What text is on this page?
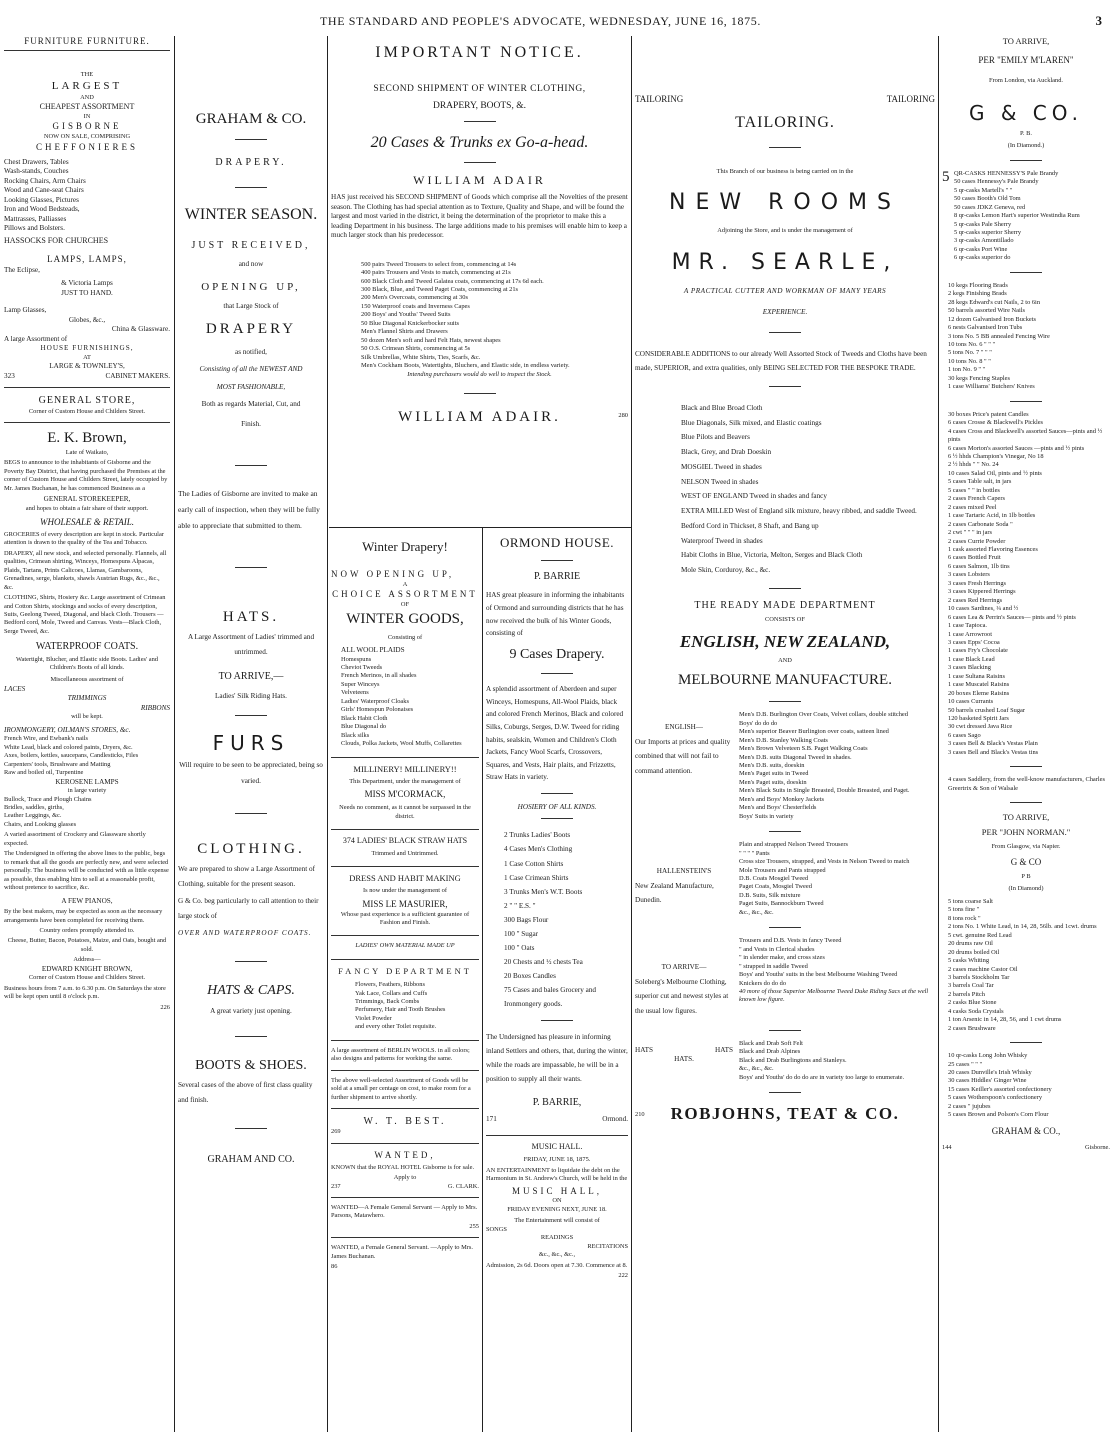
THE STANDARD AND PEOPLE'S ADVOCATE, WEDNESDAY, JUNE 16, 1875.	3
FURNITURE FURNITURE.
THE
LARGEST
AND
CHEAPEST ASSORTMENT
IN
GISBORNE
NOW ON SALE, COMPRISING
CHEFFONIERES
Chest Drawers, Tables
Wash-stands, Couches
Rocking Chairs, Arm Chairs
Wood and Cane-seat Chairs
Looking Glasses, Pictures
Iron and Wood Bedsteads,
Mattrasses, Palliasses
Pillows and Bolsters.
HASSOCKS FOR CHURCHES
LAMPS, LAMPS,
The Eclipse,
& Victoria Lamps
JUST TO HAND.
Lamp Glasses,
Globes, &c.,
China & Glassware.
A large Assortment of
HOUSE FURNISHINGS,
AT
LARGE & TOWNLEY'S,
323	CABINET MAKERS.
GENERAL STORE,
Corner of Custom House and Childers Street.
E. K. Brown,
Late of Waikato,

BEGS to announce to the inhabitants of Gisborne and the Poverty Bay District, that having purchased the Premises at the corner of Custom House and Childers Street, lately occupied by Mr. James Buchanan, he has commenced Business as a

GENERAL STOREKEEPER,
and hopes to obtain a fair share of their support.
WHOLESALE & RETAIL.

GROCERIES of every description are kept in stock. Particular attention is drawn to the quality of the Tea and Tobacco.

DRAPERY, all new stock, and selected personally. Flannels, all qualities, Crimean shirting, Winceys, Homespuns Alpacas, Plaids, Tartans, Prints Calicoes, Llamas, Gambaroons, Grenadines, serge, blankets, shawls Austrian Rugs, &c., &c., &c.

CLOTHING, Shirts, Hosiery &c. Large assortment of Crimean and Cotton Shirts, stockings and socks of every description, Suits, Geelong Tweed, Diagonal, and black Cloth. Trousers —Bedford cord, Mole, Tweed and Canvas. Vests—Black Cloth, Serge Tweed, &c.

WATERPROOF COATS.

Watertight, Blucher, and Elastic side Boots. Ladies' and Children's Boots of all kinds.

Miscellaneous assortment of
LACES
TRIMMINGS
RIBBONS
will be kept.
IRONMONGERY, OILMAN'S STORES, &c.
French Wire, and Ewbank's nails
White Lead, black and colored paints, Dryers, &c.
Axes, boilers, kettles, saucepans, Candlesticks, Files
Carpenters' tools, Brushware and Matting
Raw and boiled oil, Turpentine
KEROSENE LAMPS
in large variety
Bullock, Trace and Plough Chains
Bridles, saddles, girths,
Leather Leggings, &c.
Chairs, and Looking glasses

A varied assortment of Crockery and Glassware shortly expected.

The Undersigned in offering the above lines to the public, begs to remark that all the goods are perfectly new, and were selected personally. The business will be conducted with as little expense as possible, thus enabling him to sell at a reasonable profit, without pretence to sacrifice, &c.

A FEW PIANOS,

By the best makers, may be expected as soon as the necessary arrangements have been completed for receiving them.

Country orders promptly attended to.

Cheese, Butter, Bacon, Potatoes, Maize, and Oats, bought and sold.

Address—
EDWARD KNIGHT BROWN,
Corner of Custom House and Childers Street.

Business hours from 7 a.m. to 6.30 p.m. On Saturdays the store will be kept open until 8 o'clock p.m.

226
GRAHAM & CO.
DRAPERY.
WINTER SEASON.
JUST RECEIVED,
and now
OPENING UP,
that Large Stock of
DRAPERY
as notified,
Consisting of all the NEWEST AND
MOST FASHIONABLE,
Both as regards Material, Cut, and
Finish.

The Ladies of Gisborne are invited to make an early call of inspection, when they will be fully able to appreciate that submitted to them.

HATS.

A Large Assortment of Ladies' trimmed and untrimmed.

TO ARRIVE,—
Ladies' Silk Riding Hats.
FURS

Will require to be seen to be appreciated, being so varied.

CLOTHING.

We are prepared to show a Large Assortment of Clothing, suitable for the present season.

G & Co. beg particularly to call attention to their large stock of

OVER AND WATERPROOF COATS.
HATS & CAPS.
A great variety just opening.
BOOTS & SHOES.

Several cases of the above of first class quality and finish.

GRAHAM AND CO.
IMPORTANT NOTICE.
SECOND SHIPMENT OF WINTER CLOTHING,
DRAPERY, BOOTS, &.
20 Cases & Trunks ex Go-a-head.
WILLIAM ADAIR

HAS just received his SECOND SHIPMENT of Goods which comprise all the Novelties of the present season. The Clothing has had special attention as to Texture, Quality and Shape, and will be found the largest and most varied in the district, it being the determination of the proprietor to make this a leading Department in his business. The large additions made to his premises will enable him to keep a much larger stock than his predecessor.

500 pairs Tweed Trousers to select from, commencing at 14s
400 pairs Trousers and Vests to match, commencing at 21s
600 Black Cloth and Tweed Galatea coats, commencing at 17s 6d each.
300 Black, Blue, and Tweed Paget Coats, commencing at 21s
200 Men's Overcoats, commencing at 30s
150 Waterproof coats and Inverness Capes
200 Boys' and Youths' Tweed Suits
50 Blue Diagonal Knickerbocker suits
Men's Flannel Shirts and Drawers
50 dozen Men's soft and hard Felt Hats, newest shapes
50 O.S. Crimean Shirts, commencing at 5s
Silk Umbrellas, White Shirts, Ties, Scarfs, &c.
Men's Cockham Boots, Watertights, Bluchers, and Elastic side, in endless variety.
Intending purchasers would do well to inspect the Stock.
WILLIAM ADAIR.	280
Winter Drapery!
NOW OPENING UP,
A
CHOICE ASSORTMENT
OF
WINTER GOODS,
Consisting of
ALL WOOL PLAIDS
Homespuns
Cheviot Tweeds
French Merinos, in all shades
Super Winceys
Velveteens
Ladies' Waterproof Cloaks
Girls' Homespun Polonaises
Black Habit Cloth
Blue Diagonal do
Black silks
Clouds, Polka Jackets, Wool Muffs, Collarettes
MILLINERY! MILLINERY!!
This Department, under the management of
MISS M'CORMACK,
Needs no comment, as it cannot be surpassed in the district.
374 LADIES' BLACK STRAW HATS
Trimmed and Untrimmed.
DRESS AND HABIT MAKING
Is now under the management of
MISS LE MASURIER,
Whose past experience is a sufficient guarantee of Fashion and Finish.
LADIES' OWN MATERIAL MADE UP
FANCY DEPARTMENT
Flowers, Feathers, Ribbons
Yak Lace, Collars and Cuffs
Trimmings, Back Combs
Perfumery, Hair and Tooth Brushes
Violet Powder
and every other Toilet requisite.

A large assortment of BERLIN WOOLS. in all colors; also designs and patterns for working the same.

The above well-selected Assortment of Goods will be sold at a small per centage on cost, to make room for a further shipment to arrive shortly.

W. T. BEST.
269
WANTED,

KNOWN that the ROYAL HOTEL Gisborne is for sale.

Apply to
237	G. CLARK.

WANTED—A Female General Servant — Apply to Mrs. Parsons, Matawhero.

255

WANTED, a Female General Servant. —Apply to Mrs. James Buchanan.

86
ORMOND HOUSE.
P. BARRIE

HAS great pleasure in informing the inhabitants of Ormond and surrounding districts that he has now received the bulk of his Winter Goods, consisting of

9 Cases Drapery.

A splendid assortment of Aberdeen and super Winceys, Homespuns, All-Wool Plaids, black and colored French Merinos, Black and colored Silks, Coburgs, Serges, D.W. Tweed for riding habits, sealskin, Women and Children's Cloth Jackets, Fancy Wool Scarfs, Crossovers, Squares, and Vests, Hair plaits, and Frizzetts, Straw Hats in variety.

HOSIERY OF ALL KINDS.
2 Trunks Ladies' Boots
4 Cases Men's Clothing
1 Case Cotton Shirts
1 Case Crimean Shirts
3 Trunks Men's W.T. Boots
2 " " E.S. "
300 Bags Flour
100 " Sugar
100 " Oats
20 Chests and ½ chests Tea
20 Boxes Candles
75 Cases and bales Grocery and Ironmongery goods.

The Undersigned has pleasure in informing inland Settlers and others, that, during the winter, while the roads are impassable, he will be in a position to supply all their wants.

P. BARRIE,
171	Ormond.
MUSIC HALL.
FRIDAY, JUNE 18, 1875.

AN ENTERTAINMENT to liquidate the debt on the Harmonium in St. Andrew's Church, will be held in the

MUSIC HALL,
ON
FRIDAY EVENING NEXT, JUNE 18.
The Entertainment will consist of
SONGS
READINGS
RECITATIONS
&c., &c., &c.,

Admission, 2s 6d. Doors open at 7.30. Commence at 8.

222
TAILORING	TAILORING
TAILORING.
This Branch of our business is being carried on in the
NEW ROOMS
Adjoining the Store, and is under the management of
MR. SEARLE,
A PRACTICAL CUTTER AND WORKMAN OF MANY YEARS
EXPERIENCE.

CONSIDERABLE ADDITIONS to our already Well Assorted Stock of Tweeds and Cloths have been made, SUPERIOR, and extra qualities, only BEING SELECTED FOR THE BESPOKE TRADE.

Black and Blue Broad Cloth
Blue Diagonals, Silk mixed, and Elastic coatings
Blue Pilots and Beavers
Black, Grey, and Drab Doeskin
MOSGIEL Tweed in shades
NELSON Tweed in shades
WEST OF ENGLAND Tweed in shades and fancy
EXTRA MILLED West of England silk mixture, heavy ribbed, and saddle Tweed.
Bedford Cord in Thickset, 8 Shaft, and Bang up
Waterproof Tweed in shades
Habit Cloths in Blue, Victoria, Melton, Serges and Black Cloth
Mole Skin, Corduroy, &c., &c.
THE READY MADE DEPARTMENT
CONSISTS OF
ENGLISH, NEW ZEALAND,
AND
MELBOURNE MANUFACTURE.
ENGLISH—

Our Imports at prices and quality combined that will not fail to command attention.

Men's D.B. Burlington Over Coats, Velvet collars, double stitched
Boys' do do do
Men's superior Beaver Burlington over coats, satteen lined
Men's D.B. Stanley Walking Coats
Men's Brown Velveteen S.B. Paget Walking Coats
Men's D.B. suits Diagonal Tweed in shades.
Men's D.B. suits, doeskin
Men's Paget suits in Tweed
Men's Paget suits, doeskin
Men's Black Suits in Single Breasted, Double Breasted, and Paget.
Men's and Boys' Monkey Jackets
Men's and Boys' Chesterfields
Boys' Suits in variety
HALLENSTEIN'S

New Zealand Manufacture, Dunedin.

Plain and strapped Nelson Tweed Trousers
" " " " Pants
Cross size Trousers, strapped, and Vests in Nelson Tweed to match
Mole Trousers and Pants strapped
D.B. Coats Mosgiel Tweed
Paget Coats, Mosgiel Tweed
D.B. Suits, Silk mixture
Paget Suits, Bannockburn Tweed
&c., &c., &c.
TO ARRIVE—

Soleberg's Melbourne Clothing, superior cut and newest styles at the usual low figures.

Trousers and D.B. Vests in fancy Tweed
" and Vests in Clerical shades
" in slender make, and cross sizes
" strapped in saddle Tweed
Boys' and Youths' suits in the best Melbourne Washing Tweed
Knickers do do do
40 more of those Superior Melbourne Tweed Duke Riding Sacs at the well known low figure.
HATS	HATS
HATS.
Black and Drab Soft Felt
Black and Drab Alpines
Black and Drab Burlingtons and Stanleys.
&c., &c., &c.
Boys' and Youths' do do do are in variety too large to enumerate.
210	ROBJOHNS, TEAT & CO.
TO ARRIVE,
PER "EMILY M'LAREN"
From London, via Auckland.
G & CO.
P. B.
(In Diamond.)
5 QR-CASKS HENNESSY'S Pale Brandy
50 cases Hennessy's Pale Brandy
5 qr-casks Martell's " "
50 cases Booth's Old Tom
50 cases JDKZ Geneva, red
8 qr-casks Lemon Hart's superior Westindia Rum
5 qr-casks Pale Sherry
5 qr-casks superior Sherry
3 qr-casks Amontillado
6 qr-casks Port Wine
6 qr-casks superior do
10 kegs Flooring Brads
2 kegs Finishing Brads
28 kegs Edward's cut Nails, 2 to 6in
50 barrels assorted Wire Nails
12 dozen Galvanised Iron Buckets
6 nests Galvanised Iron Tubs
3 tons No. 5 BB annealed Fencing Wire
10 tons No. 6 " " "
5 tons No. 7 " " "
10 tons No. 8 " "
1 ton No. 9 " "
30 kegs Fencing Staples
1 case Williams' Butchers' Knives
30 boxes Price's patent Candles
6 cases Crosse & Blackwell's Pickles
4 cases Cross and Blackwell's assorted Sauces—pints and ½ pints
6 cases Morton's assorted Sauces —pints and ½ pints
6 ½ hhds Champion's Vinegar, No 18
2 ½ hhds " " No. 24
10 cases Salad Oil, pints and ½ pints
5 cases Table salt, in jars
5 cases " " in bottles
2 cases French Capers
2 cases mixed Peel
1 case Tartaric Acid, in 1lb bottles
2 cases Carbonate Soda "
2 cwt " " " in jars
2 cases Currie Powder
1 cask assorted Flavoring Essences
6 cases Bottled Fruit
6 cases Salmon, 1lb tins
3 cases Lobsters
3 cases Fresh Herrings
3 cases Kippered Herrings
2 cases Red Herrings
10 cases Sardines, ¼ and ½
6 cases Lea & Perrin's Sauces— pints and ½ pints
1 case Tapioca.
1 case Arrowroot
3 cases Epps' Cocoa
1 cases Fry's Chocolate
1 case Black Lead
3 cases Blacking
1 case Sultana Raisins
1 case Muscatel Raisins
20 boxes Eleme Raisins
10 cases Currants
50 barrels crushed Loaf Sugar
120 basketed Spirit Jars
30 cwt dressed Java Rice
6 cases Sago
3 cases Bell & Black's Vestas Plain
3 cases Bell and Black's Vestas tins

4 cases Saddlery, from the well-know manufacturers, Charles Greertrix & Son of Walsale

TO ARRIVE,
PER "JOHN NORMAN."
From Glasgow, via Napier.
G & CO
P B
(In Diamond)
5 tons coarse Salt
5 tons fine "
8 tons rock "
2 tons No. 1 White Lead, in 14, 28, 56lb. and 1cwt. drums
5 cwt. genuine Red Lead
20 drums raw Oil
20 drums boiled Oil
5 casks Whiting
2 cases machine Castor Oil
3 barrels Stockholm Tar
3 barrels Coal Tar
2 barrels Pitch
2 casks Blue Stone
4 casks Soda Crystals
1 ton Arsenic in 14, 28, 56, and 1 cwt drums
2 cases Brushware
10 qr-casks Long John Whisky
25 cases " " "
20 cases Dunville's Irish Whisky
30 cases Hiddles' Ginger Wine
15 cases Keiller's assorted confectionery
5 cases Wotherspoon's confectionery
2 cases " jujubes
5 cases Brown and Polson's Corn Flour
GRAHAM & CO.,
144	Gisborne.
